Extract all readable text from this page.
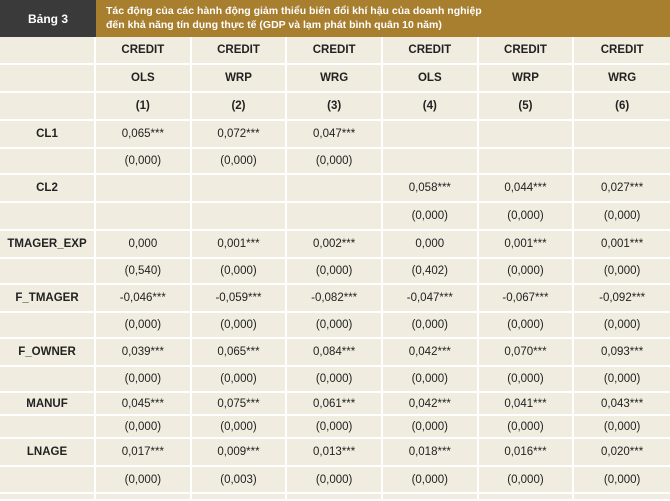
Bảng 3
Tác động của các hành động giảm thiểu biến đổi khí hậu của doanh nghiệp
đến khả năng tín dụng thực tế (GDP và lạm phát bình quân 10 năm)
	CREDIT	CREDIT	CREDIT	CREDIT	CREDIT	CREDIT
	OLS	WRP	WRG	OLS	WRP	WRG
	(1)	(2)	(3)	(4)	(5)	(6)
CL1	0,065***	0,072***	0,047***			
	(0,000)	(0,000)	(0,000)			
CL2				0,058***	0,044***	0,027***
				(0,000)	(0,000)	(0,000)
TMAGER_EXP	0,000	0,001***	0,002***	0,000	0,001***	0,001***
	(0,540)	(0,000)	(0,000)	(0,402)	(0,000)	(0,000)
F_TMAGER	-0,046***	-0,059***	-0,082***	-0,047***	-0,067***	-0,092***
	(0,000)	(0,000)	(0,000)	(0,000)	(0,000)	(0,000)
F_OWNER	0,039***	0,065***	0,084***	0,042***	0,070***	0,093***
	(0,000)	(0,000)	(0,000)	(0,000)	(0,000)	(0,000)
MANUF	0,045***	0,075***	0,061***	0,042***	0,041***	0,043***
	(0,000)	(0,000)	(0,000)	(0,000)	(0,000)	(0,000)
LNAGE	0,017***	0,009***	0,013***	0,018***	0,016***	0,020***
	(0,000)	(0,003)	(0,000)	(0,000)	(0,000)	(0,000)
